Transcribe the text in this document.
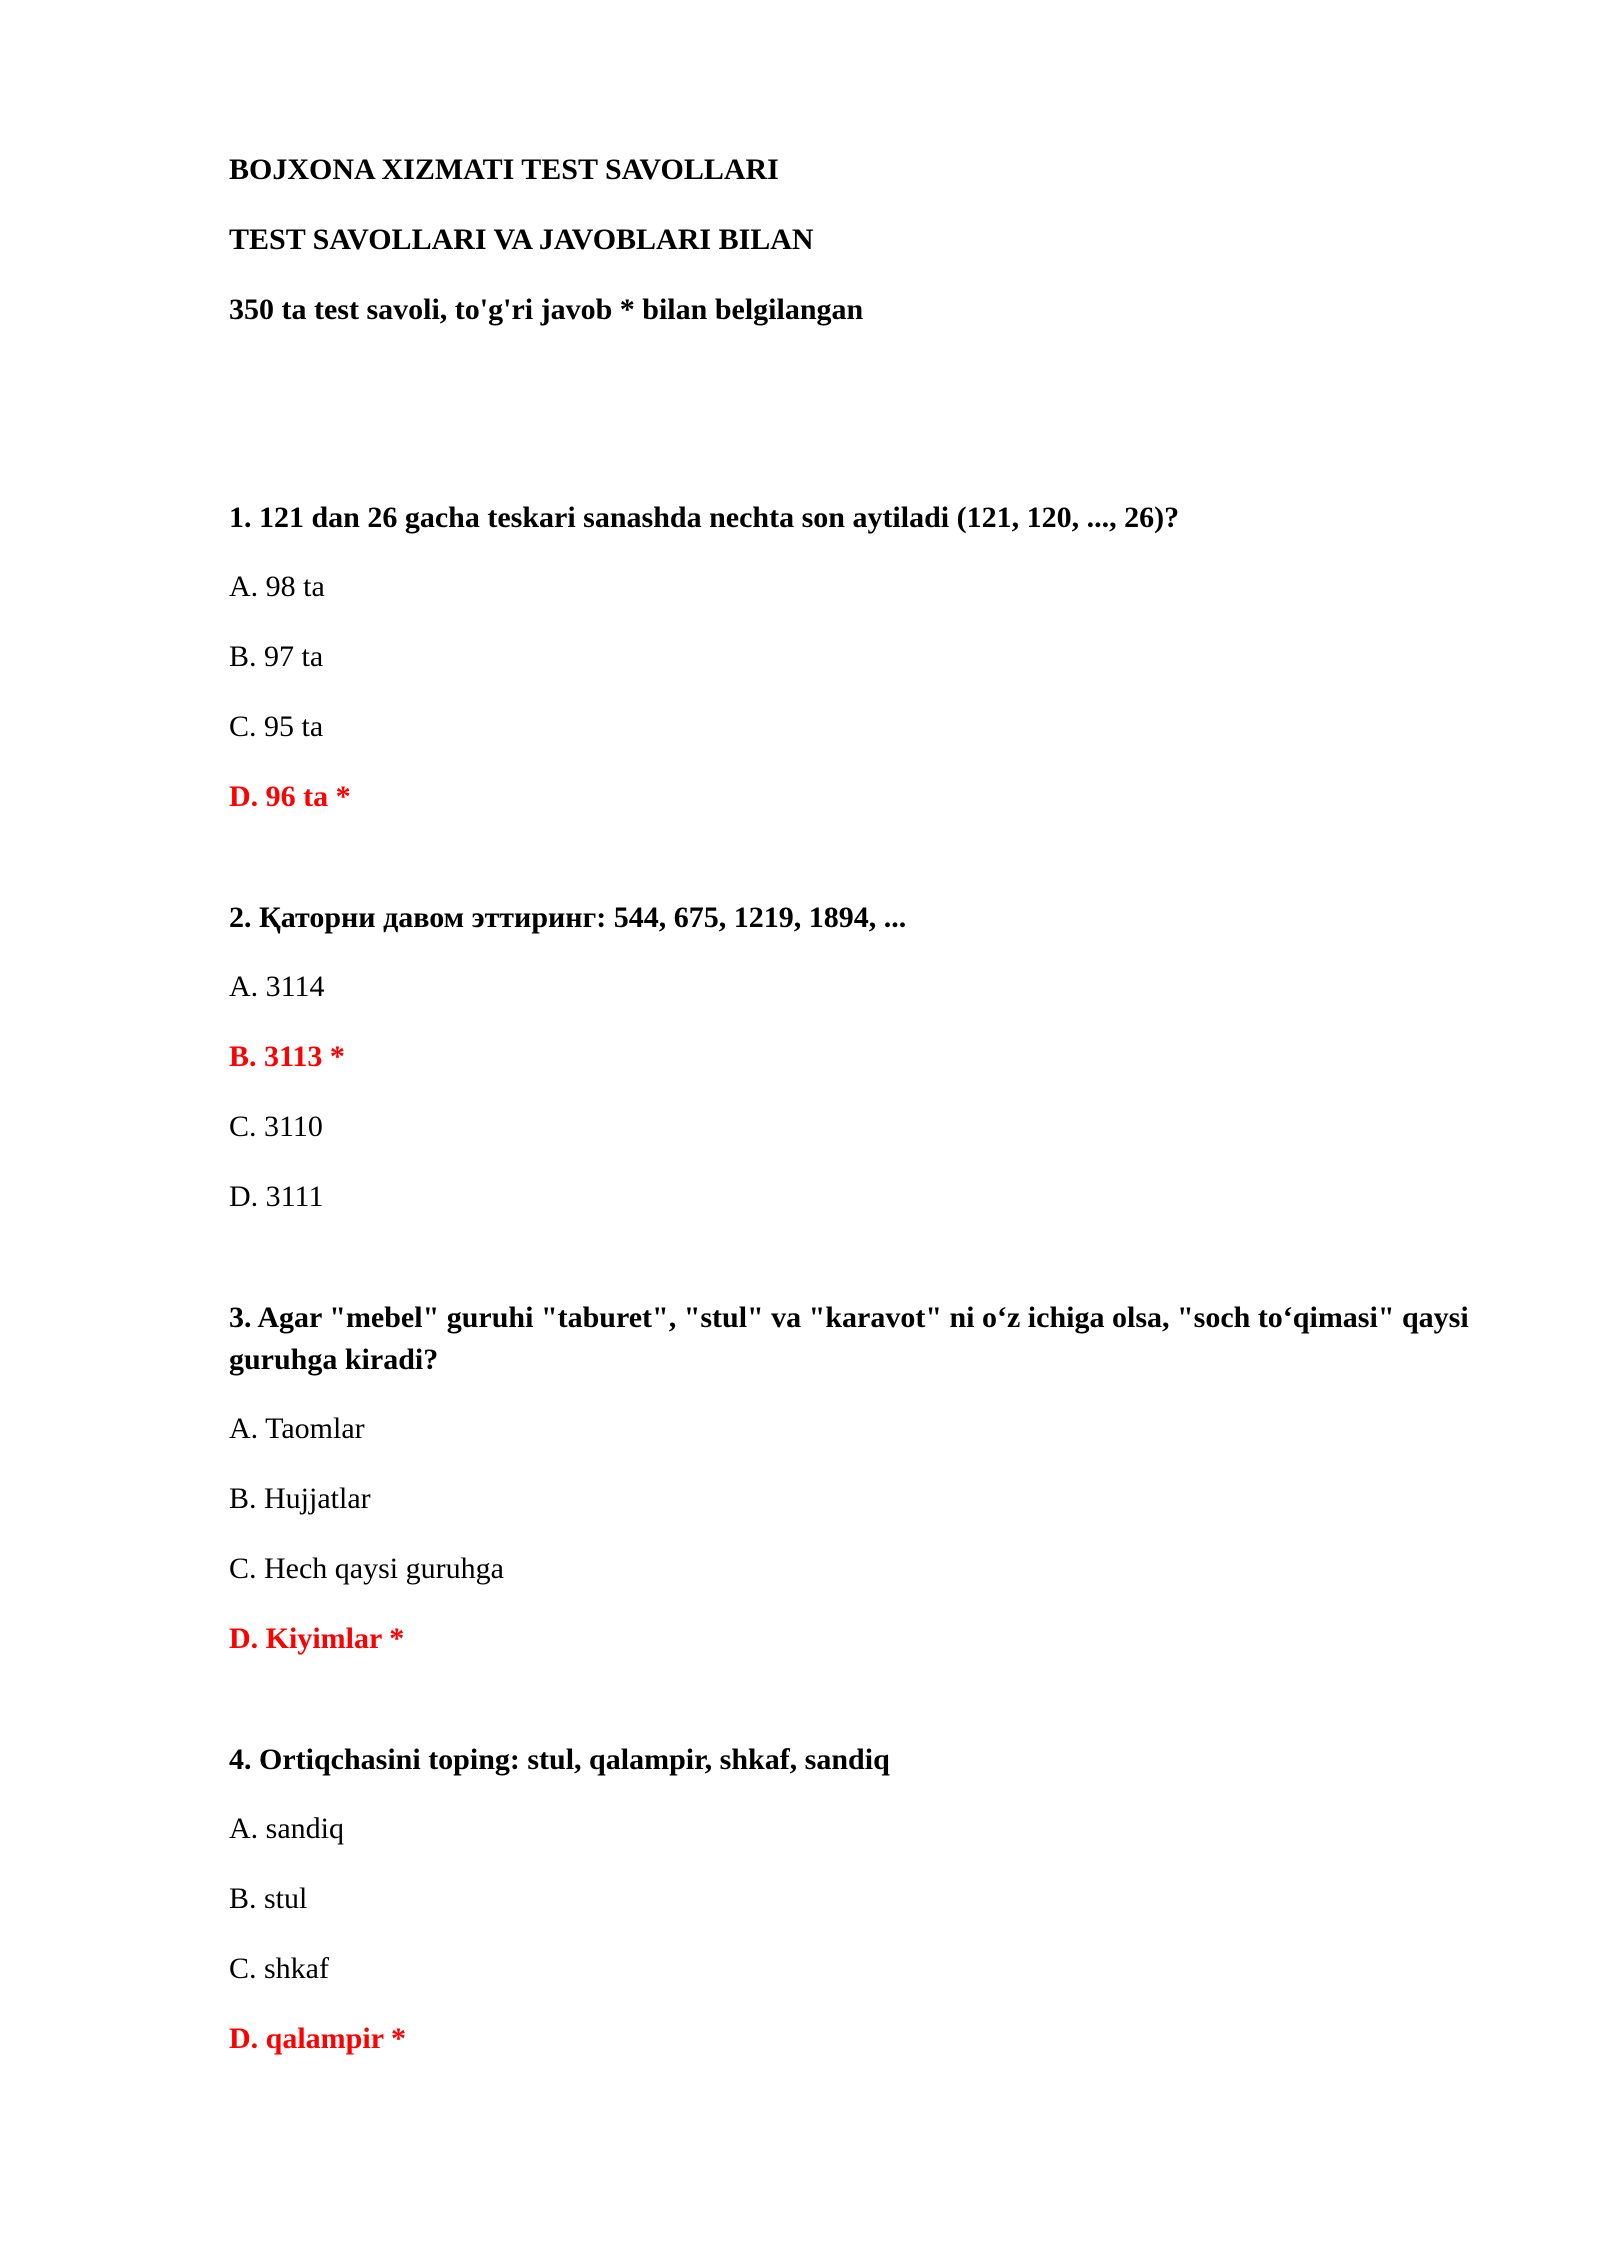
BOJXONA XIZMATI TEST SAVOLLARI
TEST SAVOLLARI VA JAVOBLARI BILAN
350 ta test savoli, to'g'ri javob * bilan belgilangan
1. 121 dan 26 gacha teskari sanashda nechta son aytiladi (121, 120, ..., 26)?
A. 98 ta
B. 97 ta
C. 95 ta
D. 96 ta *
2. Қаторни давом эттиринг: 544, 675, 1219, 1894, ...
A. 3114
B. 3113 *
C. 3110
D. 3111
3. Agar "mebel" guruhi "taburet", "stul" va "karavot" ni o‘z ichiga olsa, "soch to‘qimasi" qaysi guruhga kiradi?
A. Taomlar
B. Hujjatlar
C. Hech qaysi guruhga
D. Kiyimlar *
4. Ortiqchasini toping: stul, qalampir, shkaf, sandiq
A. sandiq
B. stul
C. shkaf
D. qalampir *
